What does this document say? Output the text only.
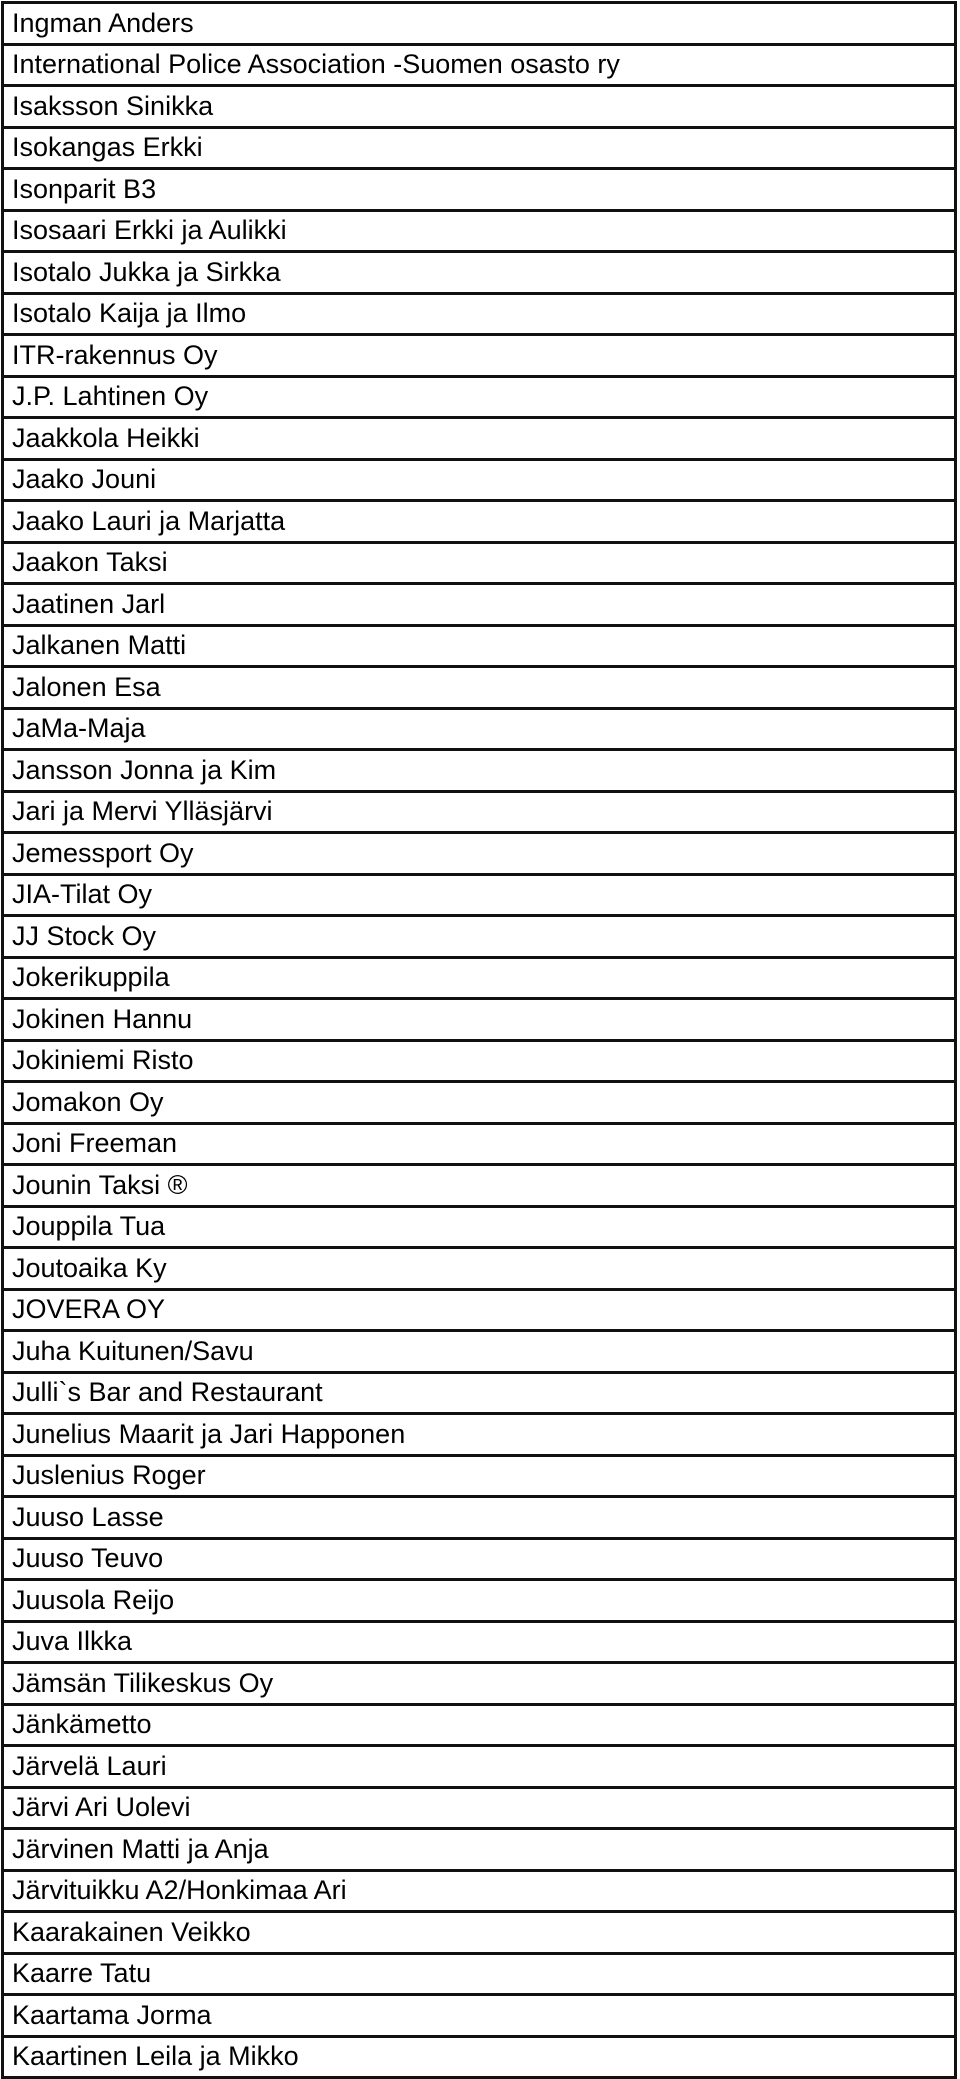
Ingman Anders
International Police Association -Suomen osasto ry
Isaksson Sinikka
Isokangas Erkki
Isonparit B3
Isosaari Erkki ja Aulikki
Isotalo Jukka ja Sirkka
Isotalo Kaija ja Ilmo
ITR-rakennus Oy
J.P. Lahtinen Oy
Jaakkola Heikki
Jaako Jouni
Jaako Lauri ja Marjatta
Jaakon Taksi
Jaatinen Jarl
Jalkanen Matti
Jalonen Esa
JaMa-Maja
Jansson Jonna ja Kim
Jari ja Mervi Ylläsjärvi
Jemessport Oy
JIA-Tilat Oy
JJ Stock Oy
Jokerikuppila
Jokinen Hannu
Jokiniemi Risto
Jomakon Oy
Joni Freeman
Jounin Taksi ®
Jouppila Tua
Joutoaika Ky
JOVERA OY
Juha Kuitunen/Savu
Julli`s Bar and Restaurant
Junelius Maarit ja Jari Happonen
Juslenius Roger
Juuso Lasse
Juuso Teuvo
Juusola Reijo
Juva Ilkka
Jämsän Tilikeskus Oy
Jänkämetto
Järvelä Lauri
Järvi Ari Uolevi
Järvinen Matti ja Anja
Järvituikku A2/Honkimaa Ari
Kaarakainen Veikko
Kaarre Tatu
Kaartama Jorma
Kaartinen Leila ja Mikko
